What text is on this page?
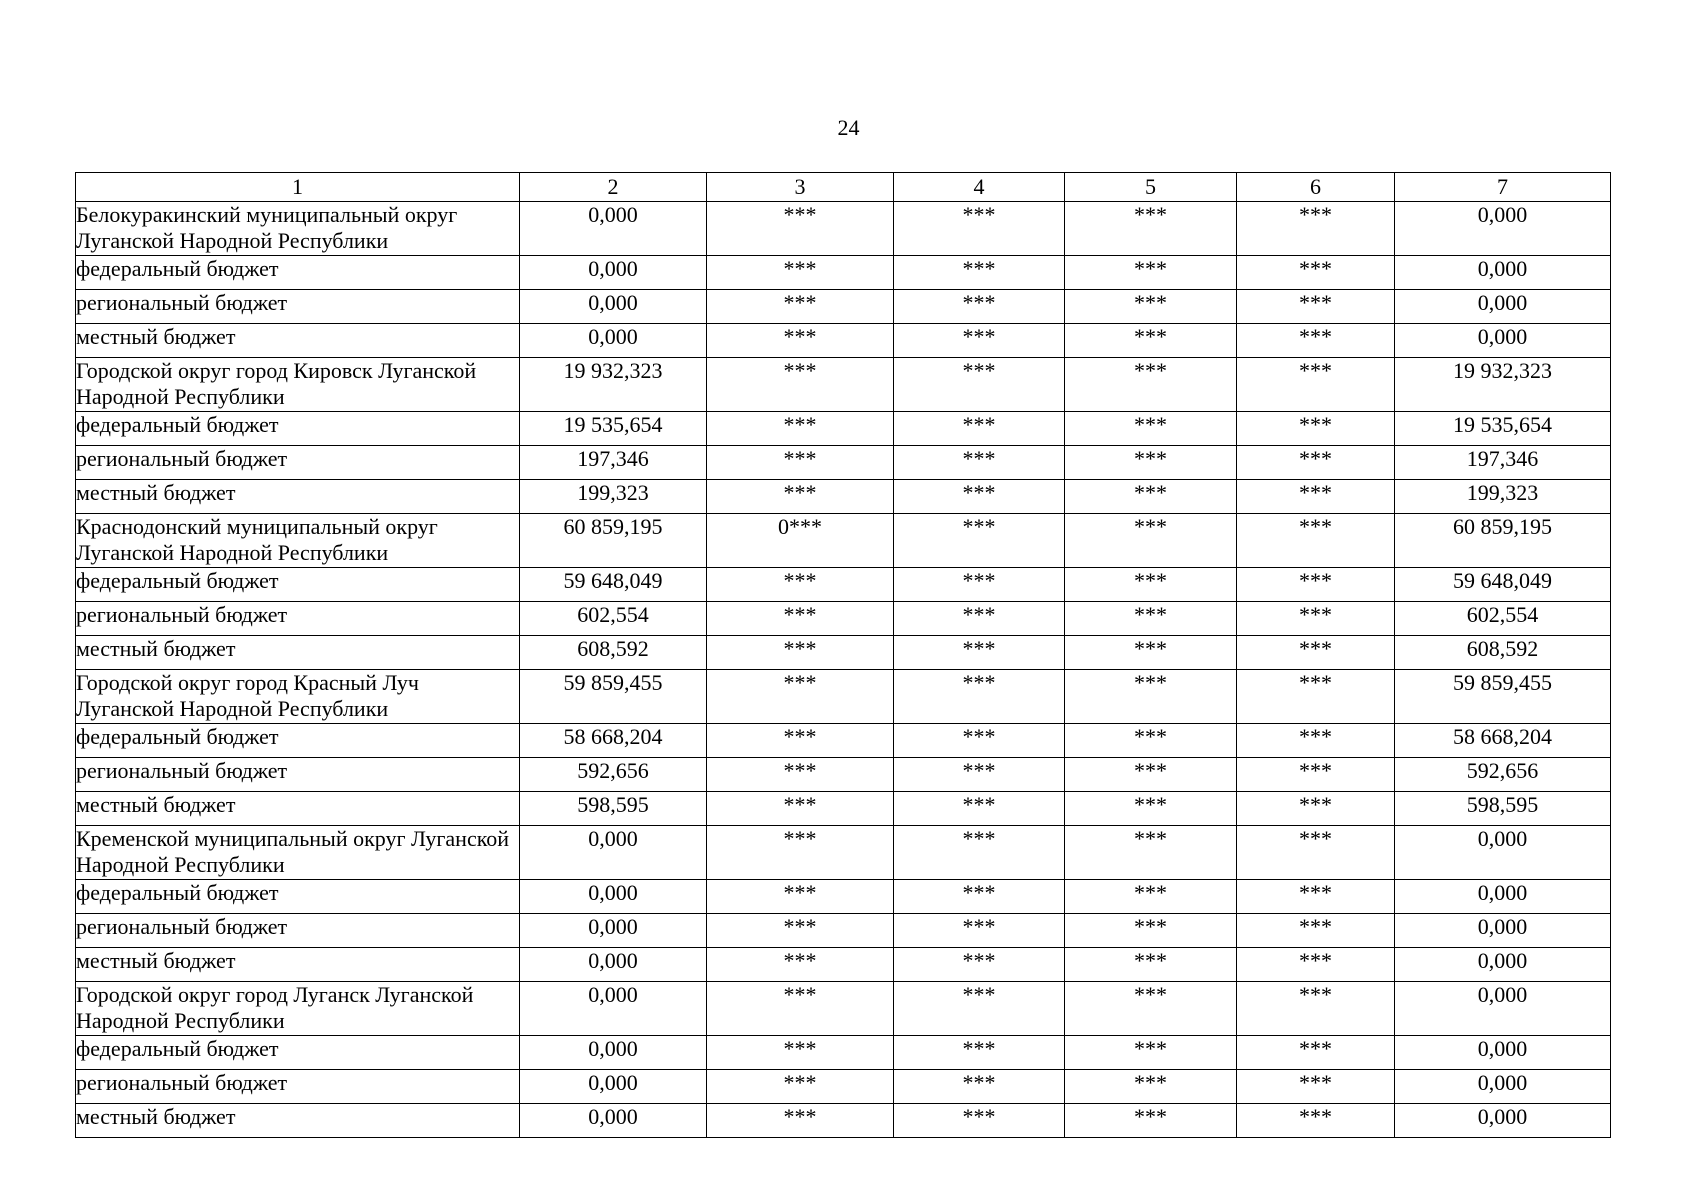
24
1	2	3	4	5	6	7
Белокуракинский муниципальный округ Луганской Народной Республики	0,000	***	***	***	***	0,000
федеральный бюджет	0,000	***	***	***	***	0,000
региональный бюджет	0,000	***	***	***	***	0,000
местный бюджет	0,000	***	***	***	***	0,000
Городской округ город Кировск Луганской Народной Республики	19 932,323	***	***	***	***	19 932,323
федеральный бюджет	19 535,654	***	***	***	***	19 535,654
региональный бюджет	197,346	***	***	***	***	197,346
местный бюджет	199,323	***	***	***	***	199,323
Краснодонский муниципальный округ Луганской Народной Республики	60 859,195	0***	***	***	***	60 859,195
федеральный бюджет	59 648,049	***	***	***	***	59 648,049
региональный бюджет	602,554	***	***	***	***	602,554
местный бюджет	608,592	***	***	***	***	608,592
Городской округ город Красный Луч Луганской Народной Республики	59 859,455	***	***	***	***	59 859,455
федеральный бюджет	58 668,204	***	***	***	***	58 668,204
региональный бюджет	592,656	***	***	***	***	592,656
местный бюджет	598,595	***	***	***	***	598,595
Кременской муниципальный округ Луганской Народной Республики	0,000	***	***	***	***	0,000
федеральный бюджет	0,000	***	***	***	***	0,000
региональный бюджет	0,000	***	***	***	***	0,000
местный бюджет	0,000	***	***	***	***	0,000
Городской округ город Луганск Луганской Народной Республики	0,000	***	***	***	***	0,000
федеральный бюджет	0,000	***	***	***	***	0,000
региональный бюджет	0,000	***	***	***	***	0,000
местный бюджет	0,000	***	***	***	***	0,000
